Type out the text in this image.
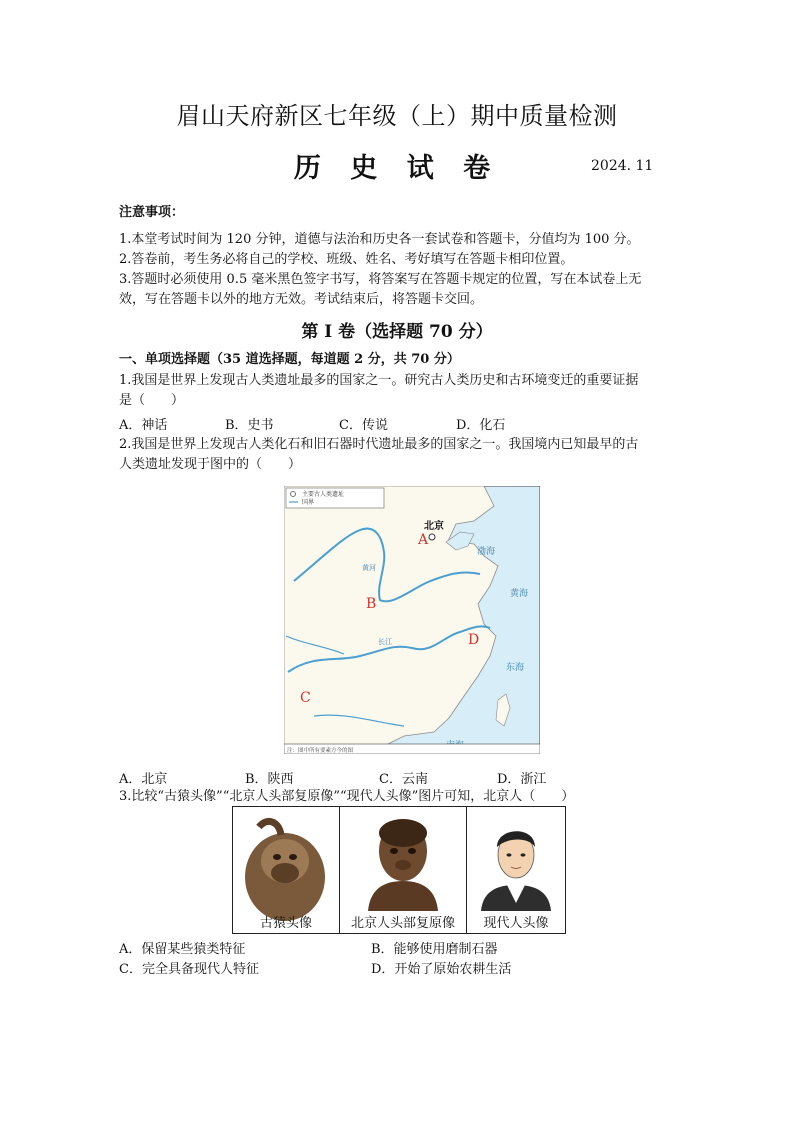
眉山天府新区七年级（上）期中质量检测
历 史 试 卷	2024. 11
注意事项：
1.本堂考试时间为 120 分钟，道德与法治和历史各一套试卷和答题卡，分值均为 100 分。
2.答卷前，考生务必将自己的学校、班级、姓名、考好填写在答题卡相印位置。
3.答题时必须使用 0.5 毫米黑色签字书写，将答案写在答题卡规定的位置，写在本试卷上无
效，写在答题卡以外的地方无效。考试结束后，将答题卡交回。
第 I 卷（选择题 70 分）
一、单项选择题（35 道选择题，每道题 2 分，共 70 分）
1.我国是世界上发现古人类遗址最多的国家之一。研究古人类历史和古环境变迁的重要证据
是（　　）
A．神话	B．史书	C．传说	D．化石
2.我国是世界上发现古人类化石和旧石器时代遗址最多的国家之一。我国境内已知最早的古
人类遗址发现于图中的（　　）
主要古人类遗址
国界
北京
A
B
C
D
渤海
黄海
东海
黄河
长江
注：图中所有要素方今的图
A．北京	B．陕西	C．云南	D．浙江
3.比较“古猿头像”“北京人头部复原像”“现代人头像”图片可知，北京人（　　）
古猿头像	北京人头部复原像	现代人头像
A．保留某些猿类特征	B．能够使用磨制石器
C．完全具备现代人特征	D．开始了原始农耕生活
